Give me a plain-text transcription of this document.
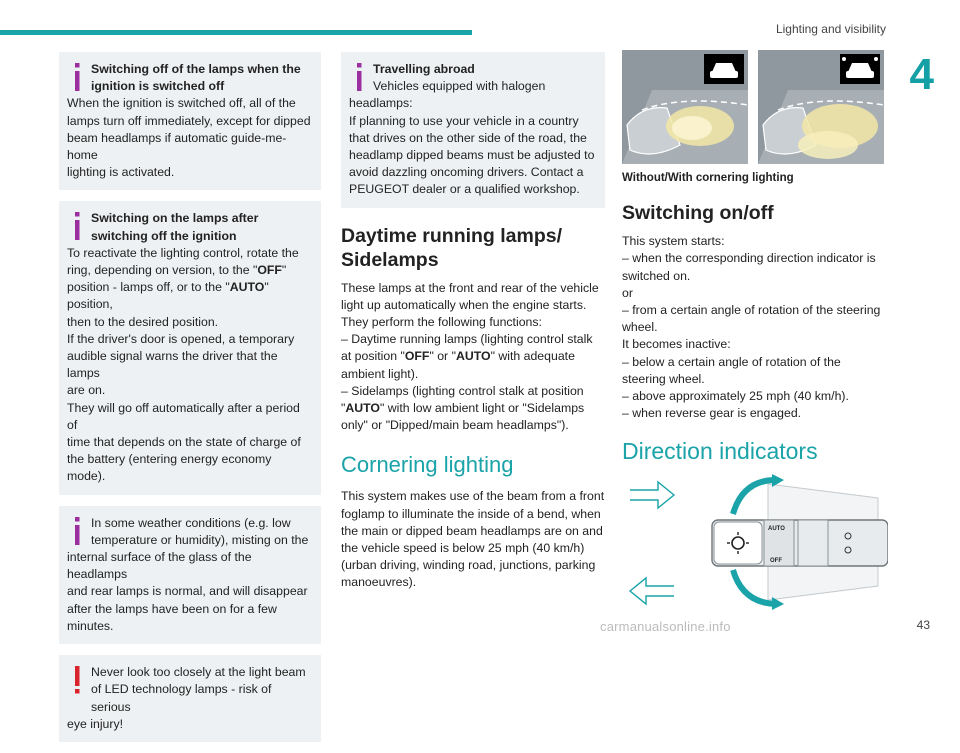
Lighting and visibility
4
43
carmanualsonline.info
Switching off of the lamps when the ignition is switched off
When the ignition is switched off, all of the
lamps turn off immediately, except for dipped
beam headlamps if automatic guide-me-home
lighting is activated.
Switching on the lamps after switching off the ignition
To reactivate the lighting control, rotate the
ring, depending on version, to the "OFF"
position - lamps off, or to the "AUTO" position,
then to the desired position.
If the driver's door is opened, a temporary
audible signal warns the driver that the lamps
are on.
They will go off automatically after a period of
time that depends on the state of charge of
the battery (entering energy economy mode).
In some weather conditions (e.g. low
temperature or humidity), misting on the
internal surface of the glass of the headlamps
and rear lamps is normal, and will disappear
after the lamps have been on for a few
minutes.
Never look too closely at the light beam
of LED technology lamps - risk of serious
eye injury!
Travelling abroad
Vehicles equipped with halogen
headlamps:
If planning to use your vehicle in a country
that drives on the other side of the road, the
headlamp dipped beams must be adjusted to
avoid dazzling oncoming drivers. Contact a
PEUGEOT dealer or a qualified workshop.
Daytime running lamps/
Sidelamps
These lamps at the front and rear of the vehicle
light up automatically when the engine starts.
They perform the following functions:
– Daytime running lamps (lighting control stalk
at position "OFF" or "AUTO" with adequate
ambient light).
– Sidelamps (lighting control stalk at position
"AUTO" with low ambient light or "Sidelamps
only" or "Dipped/main beam headlamps").
Cornering lighting
This system makes use of the beam from a front
foglamp to illuminate the inside of a bend, when
the main or dipped beam headlamps are on and
the vehicle speed is below 25 mph (40 km/h)
(urban driving, winding road, junctions, parking
manoeuvres).
Without/With cornering lighting
Switching on/off
This system starts:
– when the corresponding direction indicator is
switched on.
or
– from a certain angle of rotation of the steering
wheel.
It becomes inactive:
– below a certain angle of rotation of the
steering wheel.
– above approximately 25 mph (40 km/h).
– when reverse gear is engaged.
Direction indicators
AUTO
OFF
